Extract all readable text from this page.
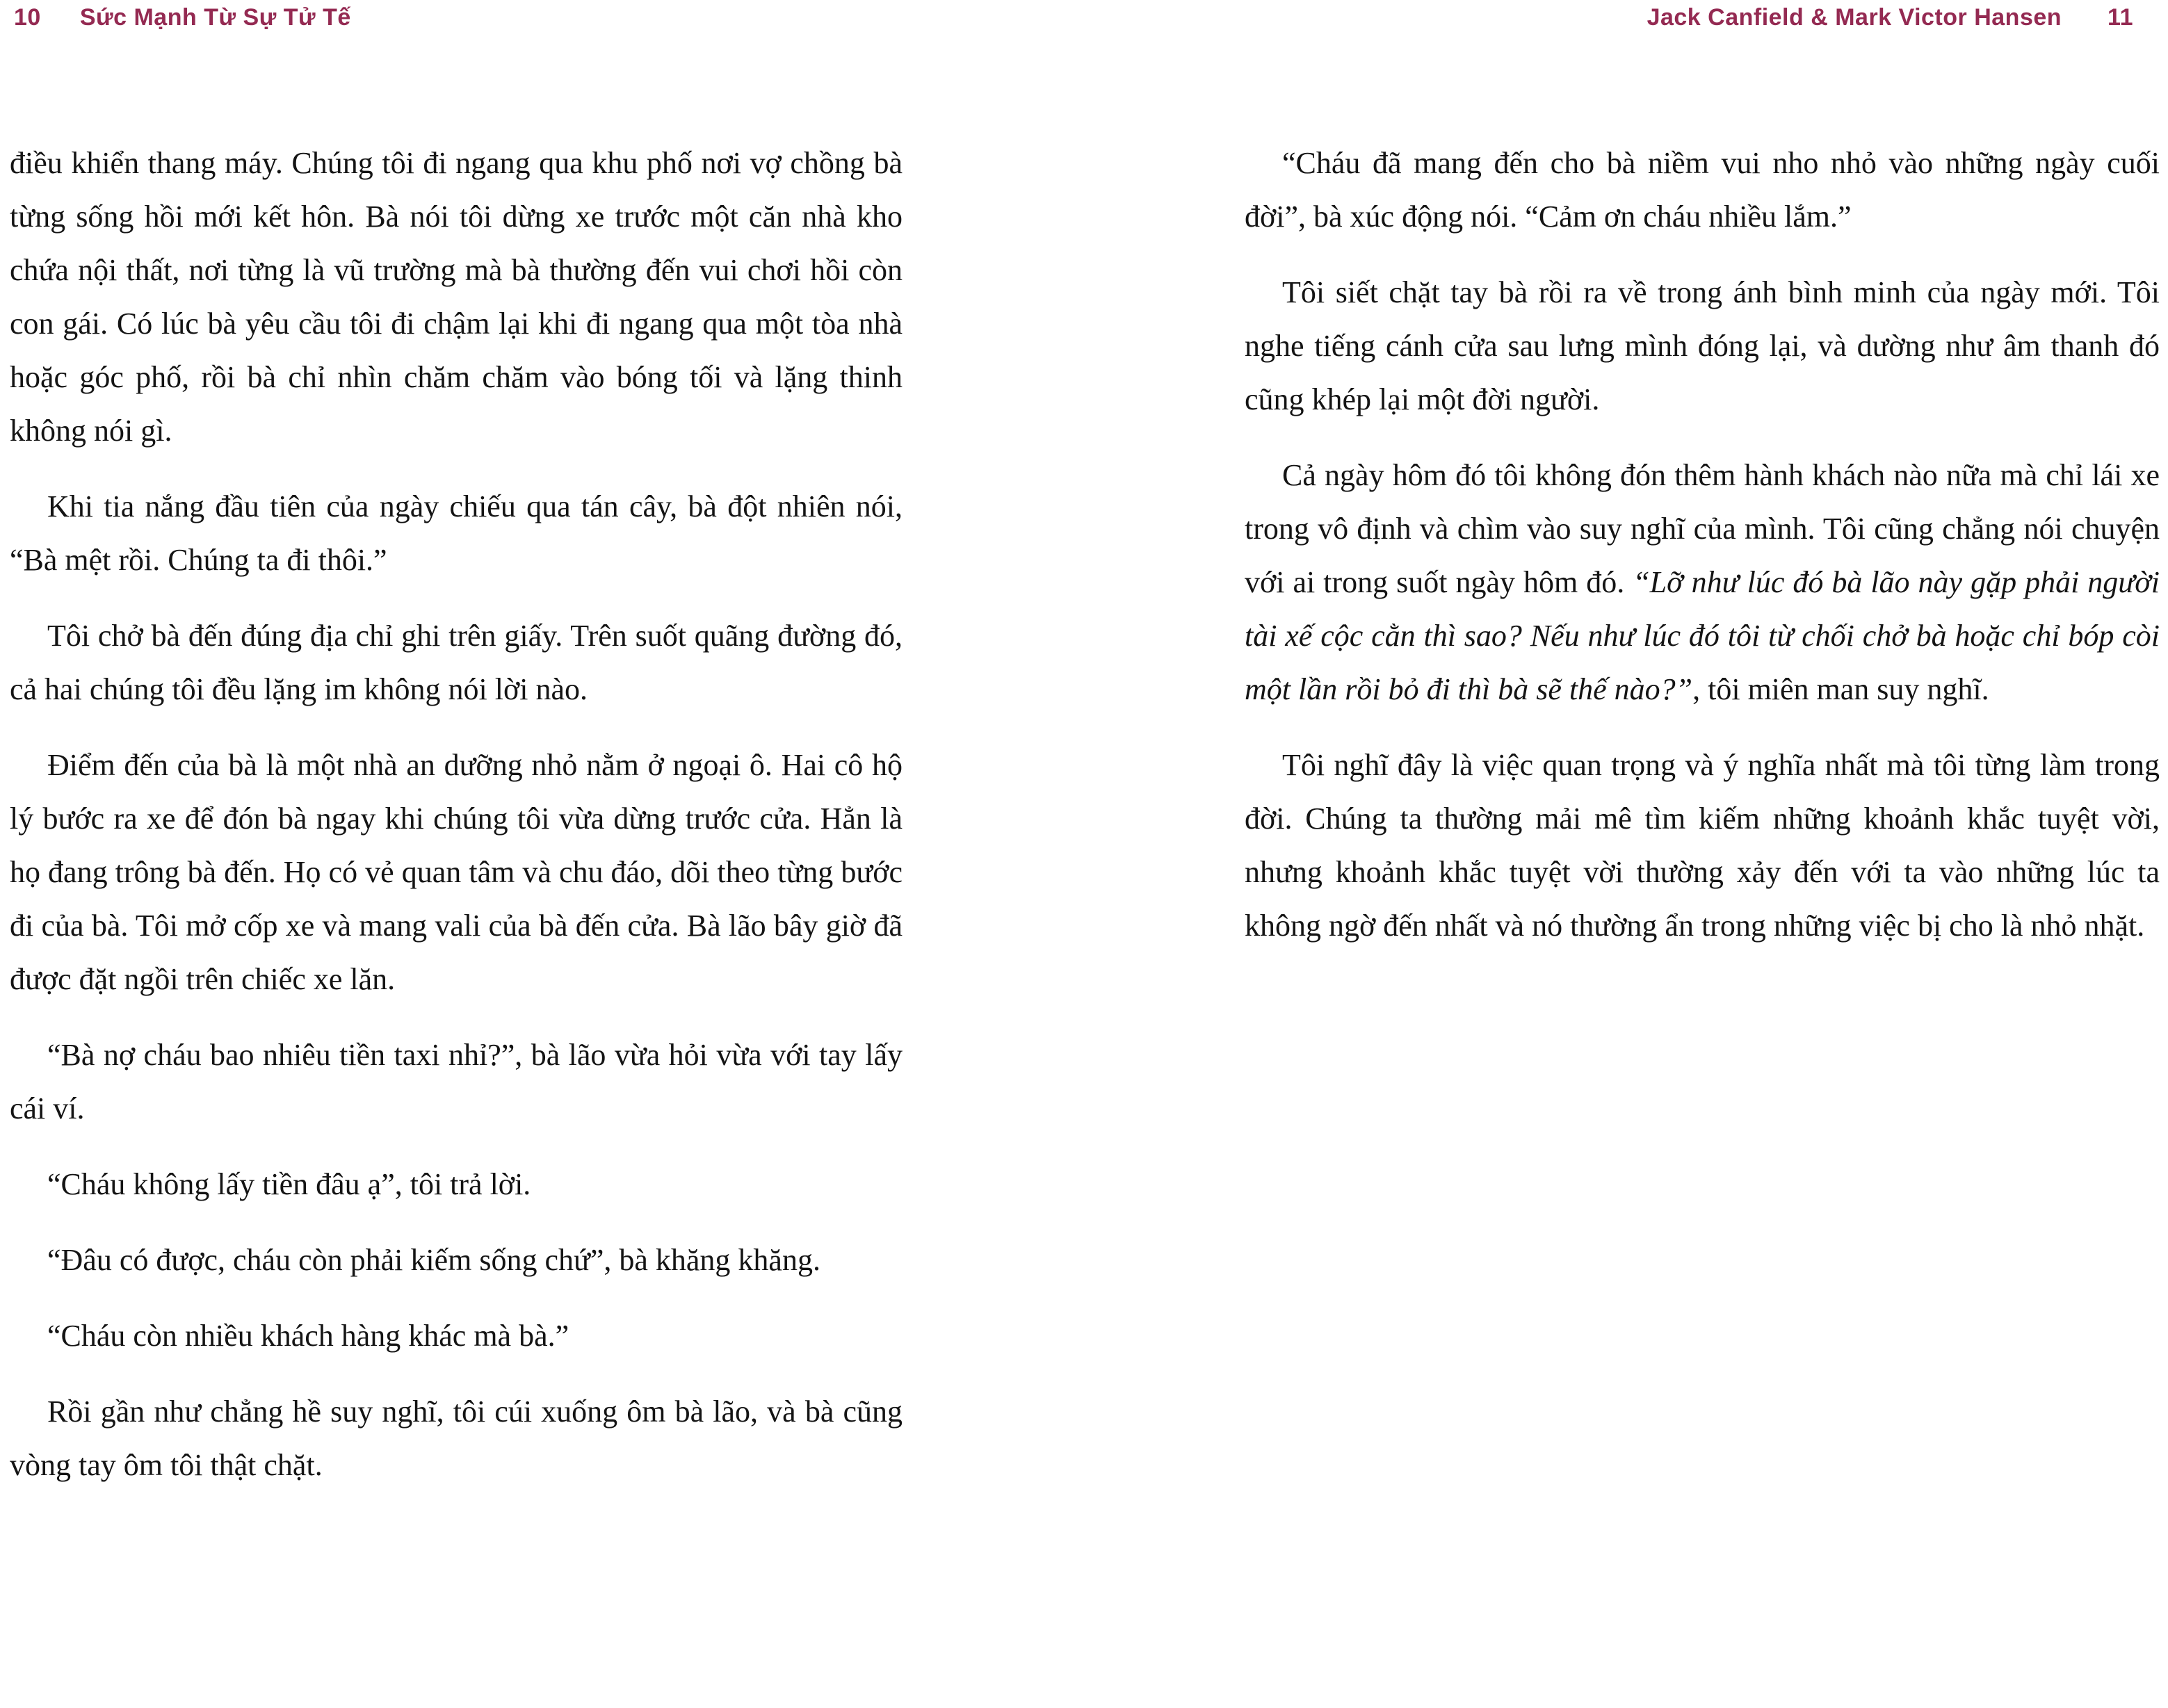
10 Sức Mạnh Từ Sự Tử Tế	Jack Canfield & Mark Victor Hansen 11

điều khiển thang máy. Chúng tôi đi ngang qua khu phố nơi vợ chồng bà từng sống hồi mới kết hôn. Bà nói tôi dừng xe trước một căn nhà kho chứa nội thất, nơi từng là vũ trường mà bà thường đến vui chơi hồi còn con gái. Có lúc bà yêu cầu tôi đi chậm lại khi đi ngang qua một tòa nhà hoặc góc phố, rồi bà chỉ nhìn chăm chăm vào bóng tối và lặng thinh không nói gì.

Khi tia nắng đầu tiên của ngày chiếu qua tán cây, bà đột nhiên nói, “Bà mệt rồi. Chúng ta đi thôi.”

Tôi chở bà đến đúng địa chỉ ghi trên giấy. Trên suốt quãng đường đó, cả hai chúng tôi đều lặng im không nói lời nào.

Điểm đến của bà là một nhà an dưỡng nhỏ nằm ở ngoại ô. Hai cô hộ lý bước ra xe để đón bà ngay khi chúng tôi vừa dừng trước cửa. Hẳn là họ đang trông bà đến. Họ có vẻ quan tâm và chu đáo, dõi theo từng bước đi của bà. Tôi mở cốp xe và mang vali của bà đến cửa. Bà lão bây giờ đã được đặt ngồi trên chiếc xe lăn.

“Bà nợ cháu bao nhiêu tiền taxi nhỉ?”, bà lão vừa hỏi vừa với tay lấy cái ví.

“Cháu không lấy tiền đâu ạ”, tôi trả lời.

“Đâu có được, cháu còn phải kiếm sống chứ”, bà khăng khăng.

“Cháu còn nhiều khách hàng khác mà bà.”

Rồi gần như chẳng hề suy nghĩ, tôi cúi xuống ôm bà lão, và bà cũng vòng tay ôm tôi thật chặt.

“Cháu đã mang đến cho bà niềm vui nho nhỏ vào những ngày cuối đời”, bà xúc động nói. “Cảm ơn cháu nhiều lắm.”

Tôi siết chặt tay bà rồi ra về trong ánh bình minh của ngày mới. Tôi nghe tiếng cánh cửa sau lưng mình đóng lại, và dường như âm thanh đó cũng khép lại một đời người.

Cả ngày hôm đó tôi không đón thêm hành khách nào nữa mà chỉ lái xe trong vô định và chìm vào suy nghĩ của mình. Tôi cũng chẳng nói chuyện với ai trong suốt ngày hôm đó. “Lỡ như lúc đó bà lão này gặp phải người tài xế cộc cằn thì sao? Nếu như lúc đó tôi từ chối chở bà hoặc chỉ bóp còi một lần rồi bỏ đi thì bà sẽ thế nào?”, tôi miên man suy nghĩ.

Tôi nghĩ đây là việc quan trọng và ý nghĩa nhất mà tôi từng làm trong đời. Chúng ta thường mải mê tìm kiếm những khoảnh khắc tuyệt vời, nhưng khoảnh khắc tuyệt vời thường xảy đến với ta vào những lúc ta không ngờ đến nhất và nó thường ẩn trong những việc bị cho là nhỏ nhặt.
